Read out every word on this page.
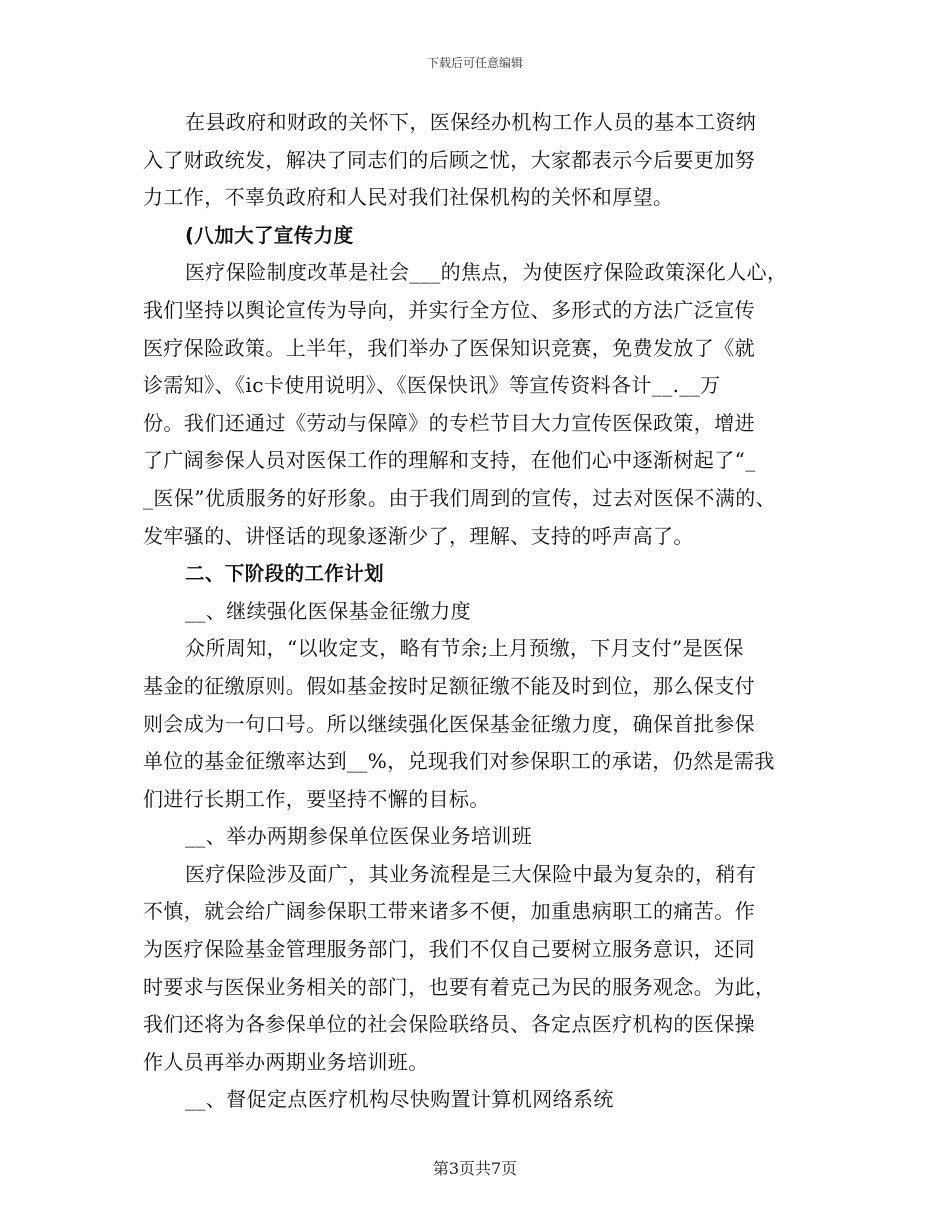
下载后可任意编辑
在县政府和财政的关怀下，医保经办机构工作人员的基本工资纳
入了财政统发，解决了同志们的后顾之忧，大家都表示今后要更加努
力工作，不辜负政府和人民对我们社保机构的关怀和厚望。
(八加大了宣传力度
医疗保险制度改革是社会___的焦点，为使医疗保险政策深化人心，
我们坚持以舆论宣传为导向，并实行全方位、多形式的方法广泛宣传
医疗保险政策。上半年，我们举办了医保知识竞赛，免费发放了《就
诊需知》、《ic卡使用说明》、《医保快讯》等宣传资料各计__.__万
份。我们还通过《劳动与保障》的专栏节目大力宣传医保政策，增进
了广阔参保人员对医保工作的理解和支持，在他们心中逐渐树起了“_
_医保”优质服务的好形象。由于我们周到的宣传，过去对医保不满的、
发牢骚的、讲怪话的现象逐渐少了，理解、支持的呼声高了。
二、下阶段的工作计划
__、继续强化医保基金征缴力度
众所周知，“以收定支，略有节余;上月预缴，下月支付”是医保
基金的征缴原则。假如基金按时足额征缴不能及时到位，那么保支付
则会成为一句口号。所以继续强化医保基金征缴力度，确保首批参保
单位的基金征缴率达到__%，兑现我们对参保职工的承诺，仍然是需我
们进行长期工作，要坚持不懈的目标。
__、举办两期参保单位医保业务培训班
医疗保险涉及面广，其业务流程是三大保险中最为复杂的，稍有
不慎，就会给广阔参保职工带来诸多不便，加重患病职工的痛苦。作
为医疗保险基金管理服务部门，我们不仅自己要树立服务意识，还同
时要求与医保业务相关的部门，也要有着克己为民的服务观念。为此，
我们还将为各参保单位的社会保险联络员、各定点医疗机构的医保操
作人员再举办两期业务培训班。
__、督促定点医疗机构尽快购置计算机网络系统
第3页共7页
